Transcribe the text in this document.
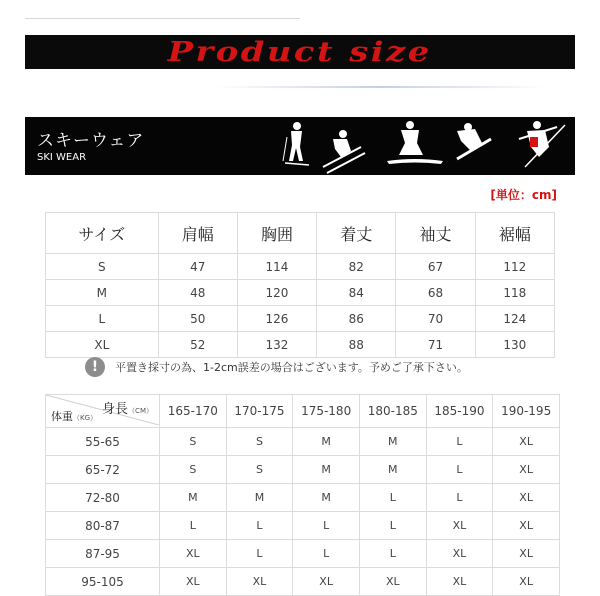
Product size
スキーウェア
SKI WEAR
[単位：cm]
サイズ	肩幅	胸囲	着丈	袖丈	裾幅
S	47	114	82	67	112
M	48	120	84	68	118
L	50	126	86	70	124
XL	52	132	88	71	130
!	平置き採寸の為、1-2cm誤差の場合はございます。予めご了承下さい。
身長（CM）
体重（KG）	165-170	170-175	175-180	180-185	185-190	190-195
55-65	S	S	M	M	L	XL
65-72	S	S	M	M	L	XL
72-80	M	M	M	L	L	XL
80-87	L	L	L	L	XL	XL
87-95	XL	L	L	L	XL	XL
95-105	XL	XL	XL	XL	XL	XL
